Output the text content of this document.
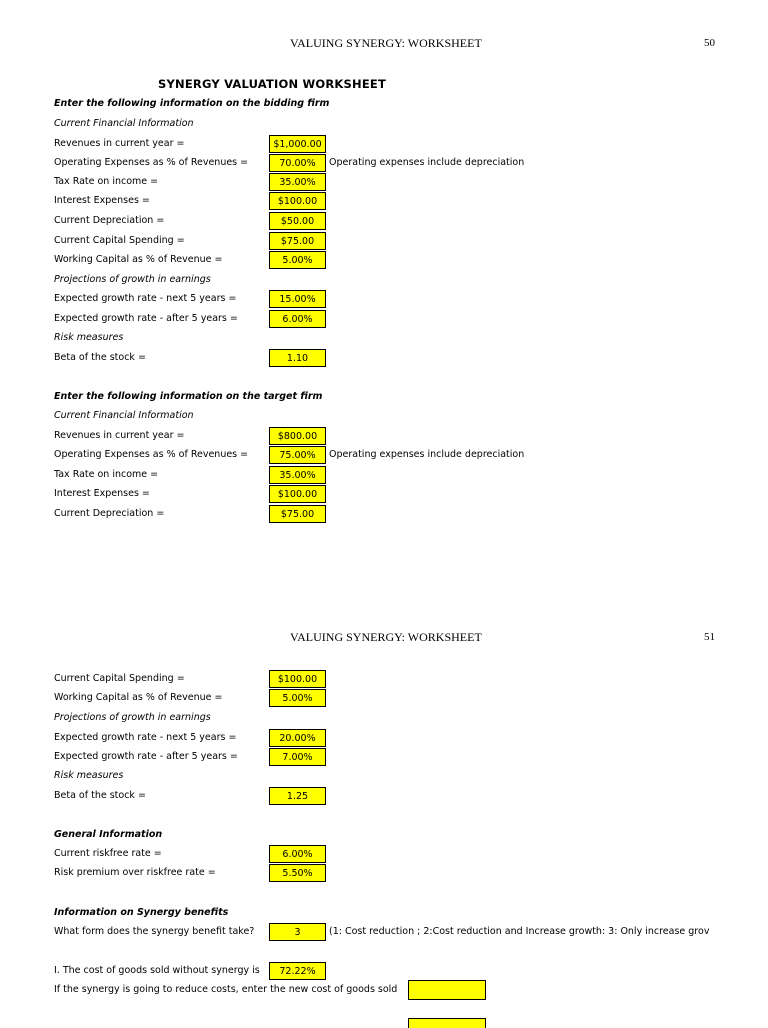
VALUING SYNERGY: WORKSHEET	50
SYNERGY VALUATION WORKSHEET
Enter the following information on the bidding firm
Current Financial Information
Revenues in current year =	$1,000.00
Operating Expenses as % of Revenues =	70.00%	Operating expenses include depreciation
Tax Rate on income =	35.00%
Interest Expenses =	$100.00
Current Depreciation =	$50.00
Current Capital Spending =	$75.00
Working Capital as % of Revenue =	5.00%
Projections of growth in earnings
Expected growth rate - next 5 years =	15.00%
Expected growth rate - after 5 years =	6.00%
Risk measures
Beta of the stock =	1.10
Enter the following information on the target firm
Current Financial Information
Revenues in current year =	$800.00
Operating Expenses as % of Revenues =	75.00%	Operating expenses include depreciation
Tax Rate on income =	35.00%
Interest Expenses =	$100.00
Current Depreciation =	$75.00
VALUING SYNERGY: WORKSHEET	51
Current Capital Spending =	$100.00
Working Capital as % of Revenue =	5.00%
Projections of growth in earnings
Expected growth rate - next 5 years =	20.00%
Expected growth rate - after 5 years =	7.00%
Risk measures
Beta of the stock =	1.25
General Information
Current riskfree rate =	6.00%
Risk premium over riskfree rate =	5.50%
Information on Synergy benefits
What form does the synergy benefit take?	3	(1: Cost reduction ; 2:Cost reduction and Increase growth: 3: Only increase grov
I. The cost of goods sold without synergy is	72.22%
If the synergy is going to reduce costs, enter the new cost of goods sold
